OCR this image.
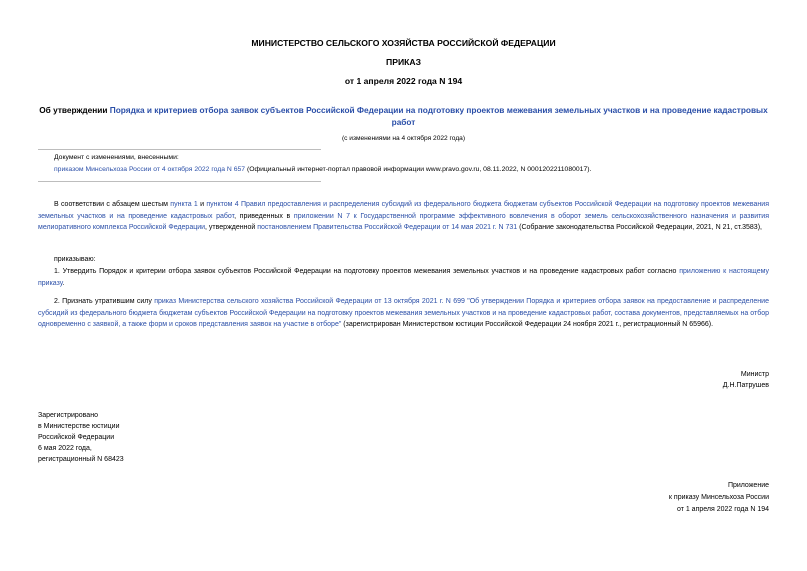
МИНИСТЕРСТВО СЕЛЬСКОГО ХОЗЯЙСТВА РОССИЙСКОЙ ФЕДЕРАЦИИ
ПРИКАЗ
от 1 апреля 2022 года N 194
Об утверждении Порядка и критериев отбора заявок субъектов Российской Федерации на подготовку проектов межевания земельных участков и на проведение кадастровых работ
(с изменениями на 4 октября 2022 года)
Документ с изменениями, внесенными:
приказом Минсельхоза России от 4 октября 2022 года N 657 (Официальный интернет-портал правовой информации www.pravo.gov.ru, 08.11.2022, N 0001202211080017).
В соответствии с абзацем шестым пункта 1 и пунктом 4 Правил предоставления и распределения субсидий из федерального бюджета бюджетам субъектов Российской Федерации на подготовку проектов межевания земельных участков и на проведение кадастровых работ, приведенных в приложении N 7 к Государственной программе эффективного вовлечения в оборот земель сельскохозяйственного назначения и развития мелиоративного комплекса Российской Федерации, утвержденной постановлением Правительства Российской Федерации от 14 мая 2021 г. N 731 (Собрание законодательства Российской Федерации, 2021, N 21, ст.3583),
приказываю:
1. Утвердить Порядок и критерии отбора заявок субъектов Российской Федерации на подготовку проектов межевания земельных участков и на проведение кадастровых работ согласно приложению к настоящему приказу.
2. Признать утратившим силу приказ Министерства сельского хозяйства Российской Федерации от 13 октября 2021 г. N 699 "Об утверждении Порядка и критериев отбора заявок на предоставление и распределение субсидий из федерального бюджета бюджетам субъектов Российской Федерации на подготовку проектов межевания земельных участков и на проведение кадастровых работ, состава документов, представляемых на отбор одновременно с заявкой, а также форм и сроков представления заявок на участие в отборе" (зарегистрирован Министерством юстиции Российской Федерации 24 ноября 2021 г., регистрационный N 65966).
Министр
Д.Н.Патрушев
Зарегистрировано
в Министерстве юстиции
Российской Федерации
6 мая 2022 года,
регистрационный N 68423
Приложение
к приказу Минсельхоза России
от 1 апреля 2022 года N 194
